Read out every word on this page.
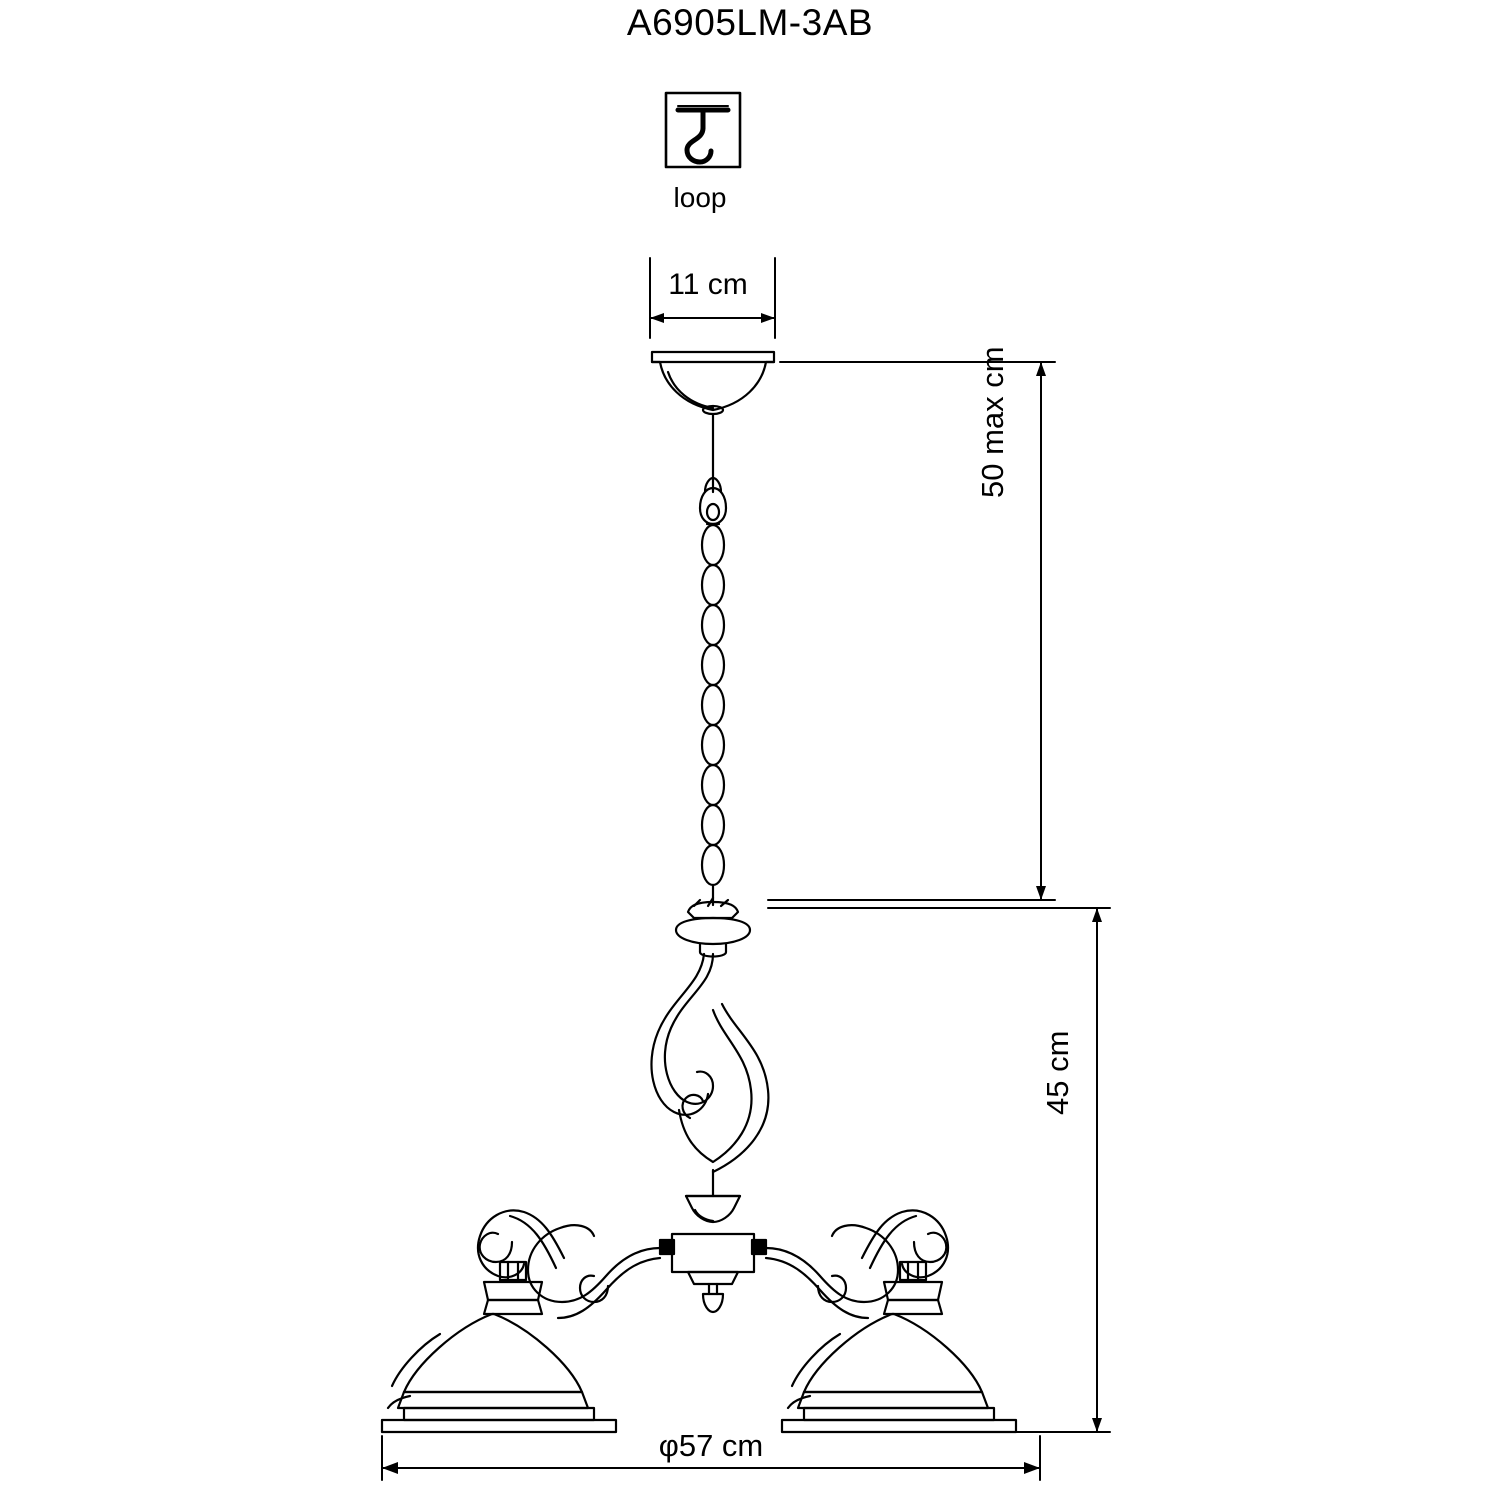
A6905LM-3AB
loop
11 cm
50 max cm
45 cm
φ57 cm
